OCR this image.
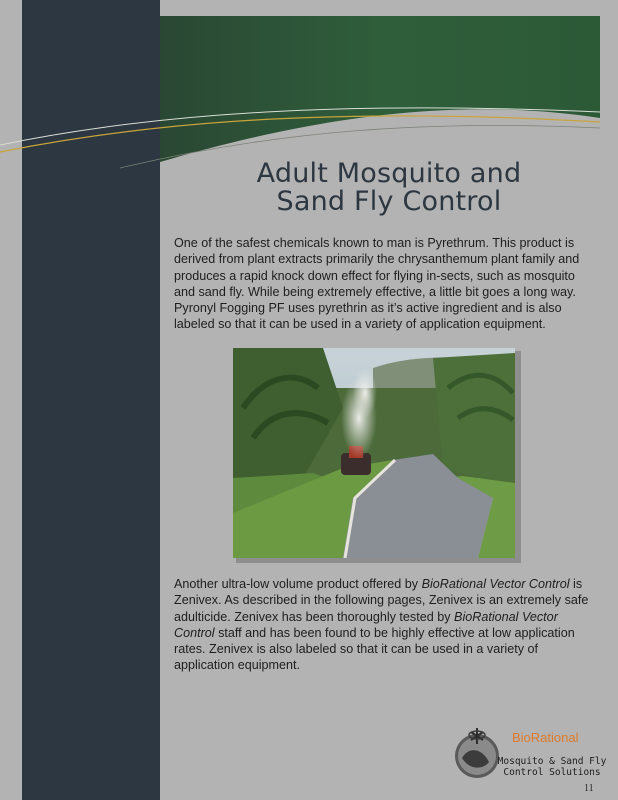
Adult Mosquito and
Sand Fly Control
One of the safest chemicals known to man is Pyrethrum. This product is derived from plant extracts primarily the chrysanthemum plant family and produces a rapid knock down effect for flying in-sects, such as mosquito and sand fly. While being extremely effective, a little bit goes a long way. Pyronyl Fogging PF uses pyrethrin as it’s active ingredient and is also labeled so that it can be used in a variety of application equipment.
Another ultra-low volume product offered by BioRational Vector Control is Zenivex. As described in the following pages, Zenivex is an extremely safe adulticide. Zenivex has been thoroughly tested by BioRational Vector Control staff and has been found to be highly effective at low application rates. Zenivex is also labeled so that it can be used in a variety of application equipment.
BioRational
Mosquito & Sand Fly
Control Solutions
11
